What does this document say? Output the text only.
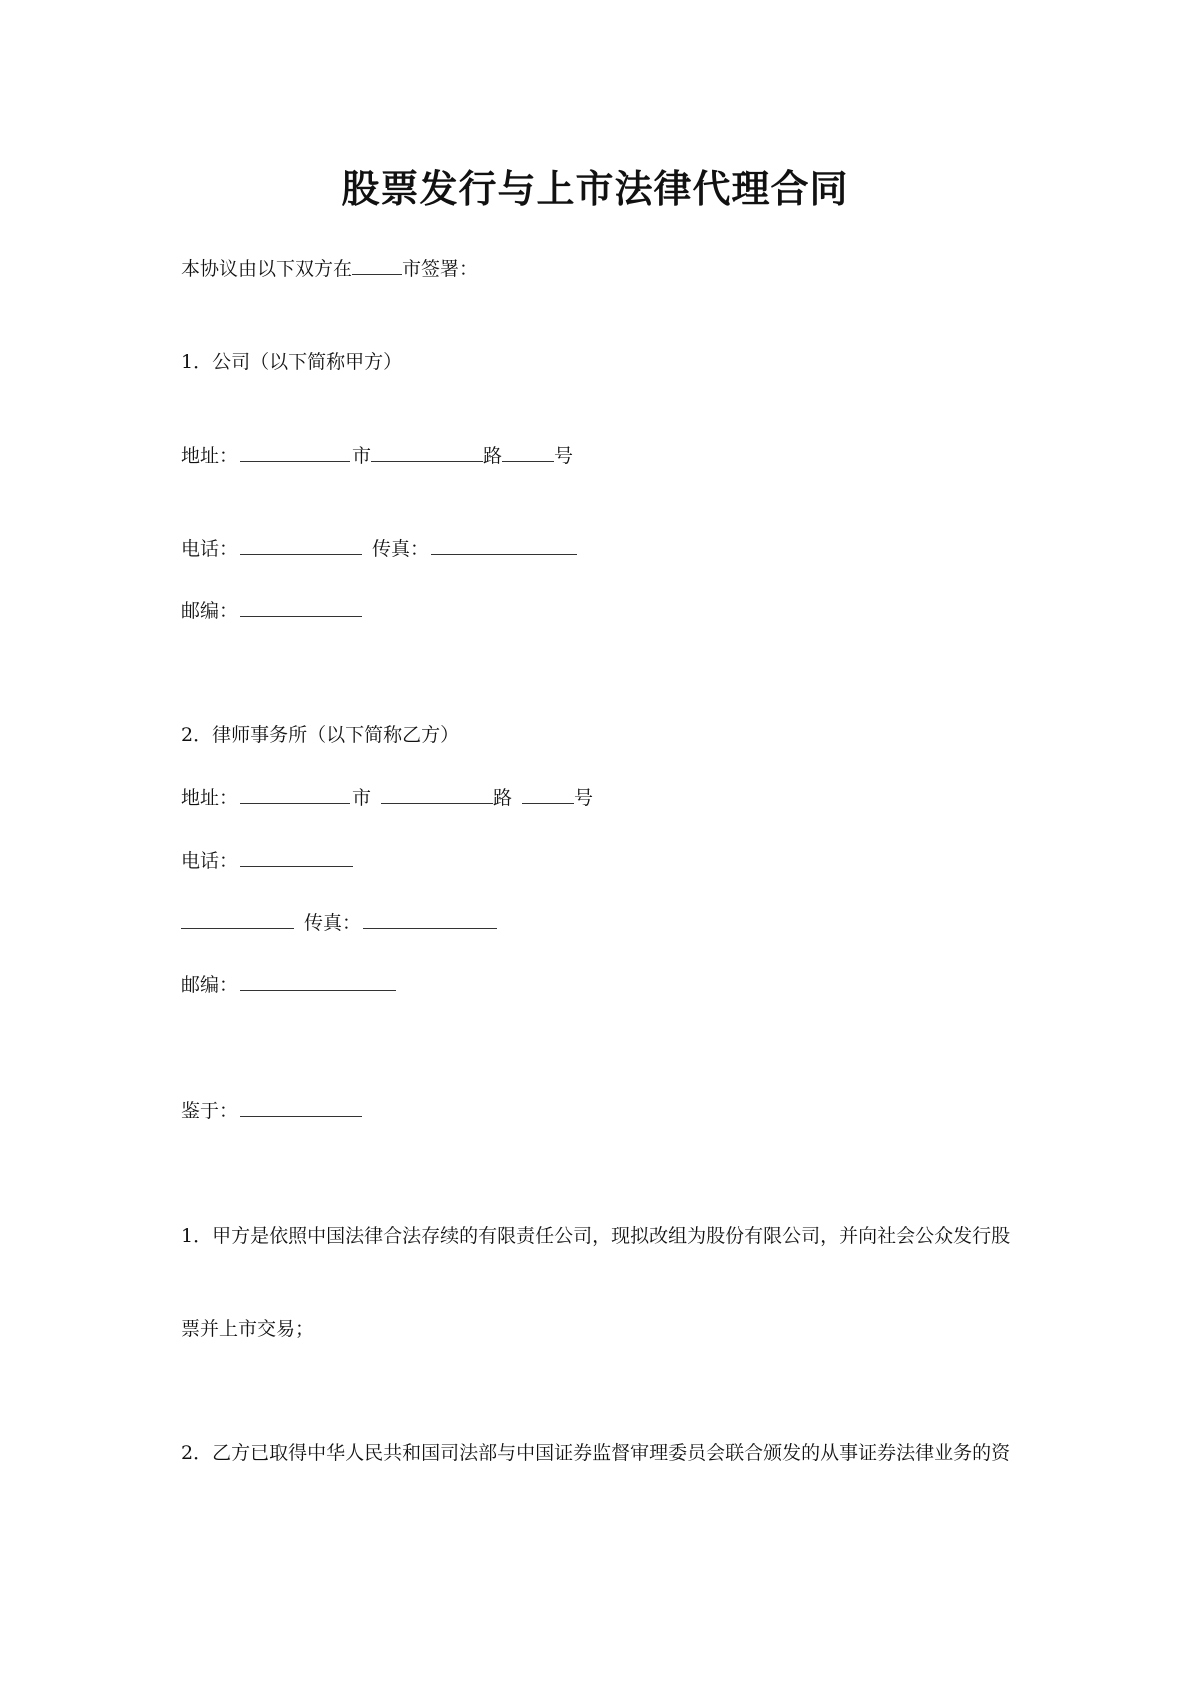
股票发行与上市法律代理合同
本协议由以下双方在	市签署：
1．公司（以下简称甲方）
地址：	市	路	号
电话：	传真：
邮编：
2．律师事务所（以下简称乙方）
地址：	市	路	号
电话：
传真：
邮编：
鉴于：
1．甲方是依照中国法律合法存续的有限责任公司，现拟改组为股份有限公司，并向社会公众发行股
票并上市交易；
2．乙方已取得中华人民共和国司法部与中国证券监督审理委员会联合颁发的从事证券法律业务的资
